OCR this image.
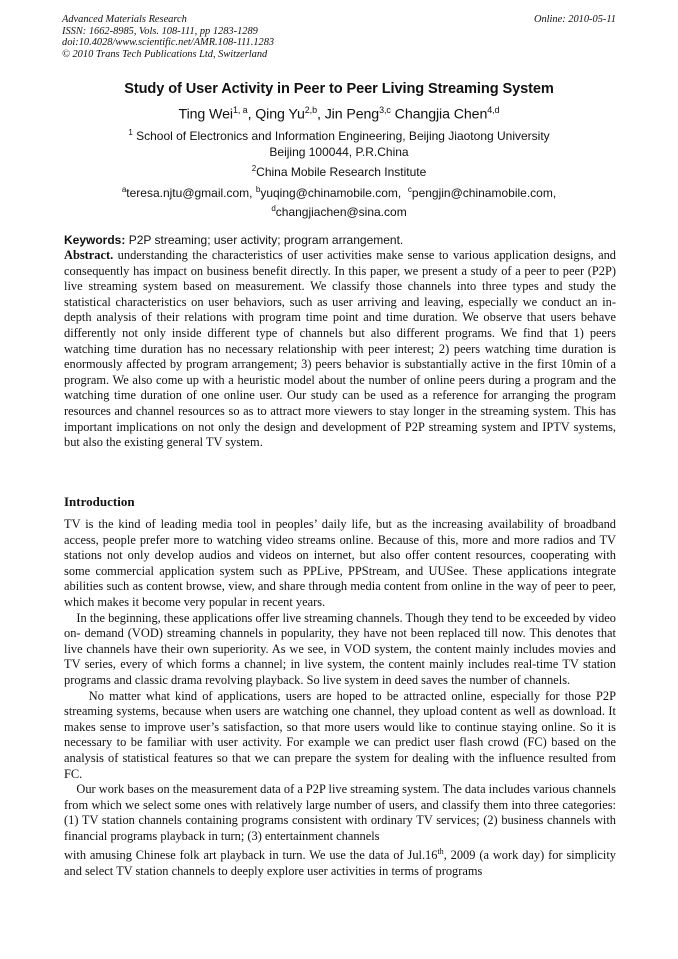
Advanced Materials Research
ISSN: 1662-8985, Vols. 108-111, pp 1283-1289
doi:10.4028/www.scientific.net/AMR.108-111.1283
© 2010 Trans Tech Publications Ltd, Switzerland
Online: 2010-05-11
Study of User Activity in Peer to Peer Living Streaming System
Ting Wei$^{1, a}$, Qing Yu$^{2,b}$, Jin Peng$^{3,c}$ Changjia Chen$^{4,d}$
$^1$ School of Electronics and Information Engineering, Beijing Jiaotong University
Beijing 100044, P.R.China
$^2$China Mobile Research Institute
$^a$teresa.njtu@gmail.com, $^b$yuqing@chinamobile.com, $^c$pengjin@chinamobile.com,
$^d$changjiachen@sina.com
Keywords: P2P streaming; user activity; program arrangement.

Abstract. understanding the characteristics of user activities make sense to various application designs, and consequently has impact on business benefit directly. In this paper, we present a study of a peer to peer (P2P) live streaming system based on measurement. We classify those channels into three types and study the statistical characteristics on user behaviors, such as user arriving and leaving, especially we conduct an in-depth analysis of their relations with program time point and time duration. We observe that users behave differently not only inside different type of channels but also different programs. We find that 1) peers watching time duration has no necessary relationship with peer interest; 2) peers watching time duration is enormously affected by program arrangement; 3) peers behavior is substantially active in the first 10min of a program. We also come up with a heuristic model about the number of online peers during a program and the watching time duration of one online user. Our study can be used as a reference for arranging the program resources and channel resources so as to attract more viewers to stay longer in the streaming system. This has important implications on not only the design and development of P2P streaming system and IPTV systems, but also the existing general TV system.

Introduction

TV is the kind of leading media tool in peoples’ daily life, but as the increasing availability of broadband access, people prefer more to watching video streams online. Because of this, more and more radios and TV stations not only develop audios and videos on internet, but also offer content resources, cooperating with some commercial application system such as PPLive, PPStream, and UUSee. These applications integrate abilities such as content browse, view, and share through media content from online in the way of peer to peer, which makes it become very popular in recent years.

In the beginning, these applications offer live streaming channels. Though they tend to be exceeded by video on- demand (VOD) streaming channels in popularity, they have not been replaced till now. This denotes that live channels have their own superiority. As we see, in VOD system, the content mainly includes movies and TV series, every of which forms a channel; in live system, the content mainly includes real-time TV station programs and classic drama revolving playback. So live system in deed saves the number of channels.

No matter what kind of applications, users are hoped to be attracted online, especially for those P2P streaming systems, because when users are watching one channel, they upload content as well as download. It makes sense to improve user’s satisfaction, so that more users would like to continue staying online. So it is necessary to be familiar with user activity. For example we can predict user flash crowd (FC) based on the analysis of statistical features so that we can prepare the system for dealing with the influence resulted from FC.

Our work bases on the measurement data of a P2P live streaming system. The data includes various channels from which we select some ones with relatively large number of users, and classify them into three categories: (1) TV station channels containing programs consistent with ordinary TV services; (2) business channels with financial programs playback in turn; (3) entertainment channels

with amusing Chinese folk art playback in turn. We use the data of Jul.16th, 2009 (a work day) for simplicity and select TV station channels to deeply explore user activities in terms of programs
